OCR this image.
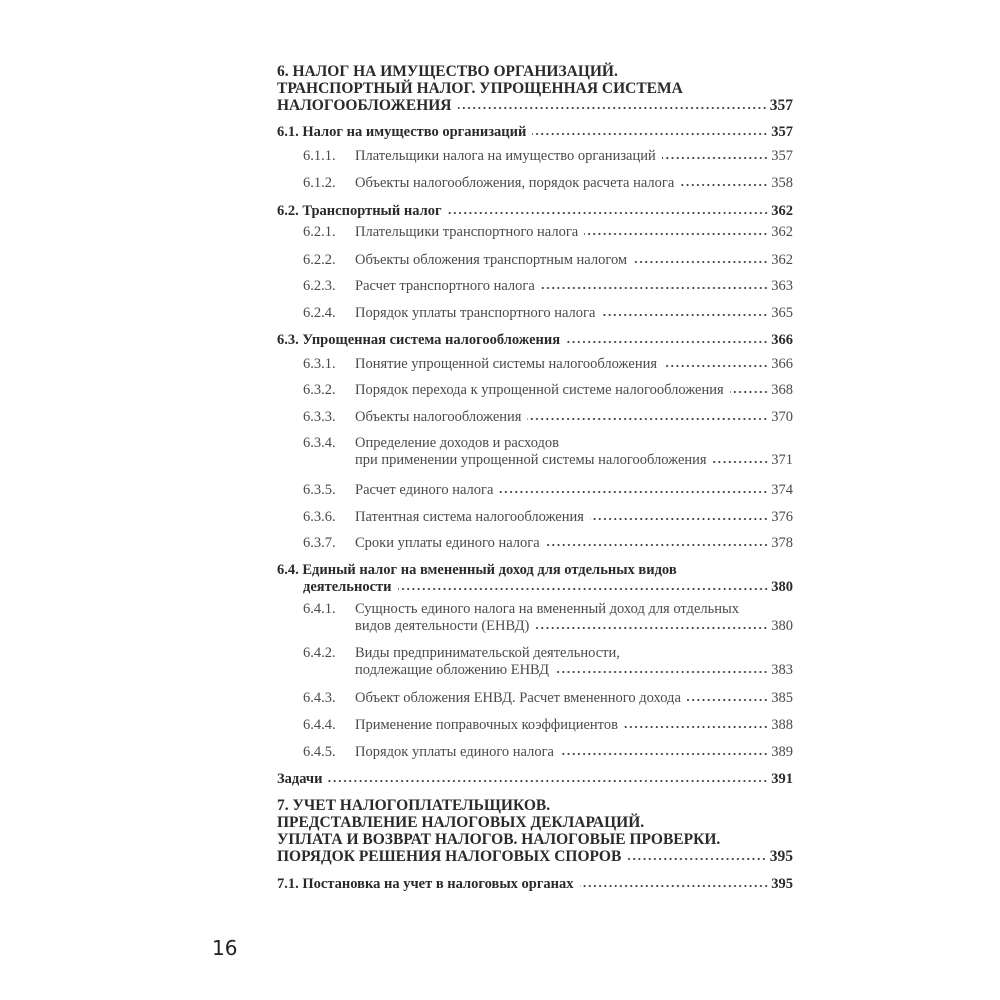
6. НАЛОГ НА ИМУЩЕСТВО ОРГАНИЗАЦИЙ.
ТРАНСПОРТНЫЙ НАЛОГ. УПРОЩЕННАЯ СИСТЕМА
НАЛОГООБЛОЖЕНИЯ	357
6.1. Налог на имущество организаций	357
6.1.1.	Плательщики налога на имущество организаций	357
6.1.2.	Объекты налогообложения, порядок расчета налога	358
6.2. Транспортный налог	362
6.2.1.	Плательщики транспортного налога	362
6.2.2.	Объекты обложения транспортным налогом	362
6.2.3.	Расчет транспортного налога	363
6.2.4.	Порядок уплаты транспортного налога	365
6.3. Упрощенная система налогообложения	366
6.3.1.	Понятие упрощенной системы налогообложения	366
6.3.2.	Порядок перехода к упрощенной системе налогообложения	368
6.3.3.	Объекты налогообложения	370
6.3.4.	Определение доходов и расходов
при применении упрощенной системы налогообложения	371
6.3.5.	Расчет единого налога	374
6.3.6.	Патентная система налогообложения	376
6.3.7.	Сроки уплаты единого налога	378
6.4. Единый налог на вмененный доход для отдельных видов
деятельности	380
6.4.1.	Сущность единого налога на вмененный доход для отдельных
видов деятельности (ЕНВД)	380
6.4.2.	Виды предпринимательской деятельности,
подлежащие обложению ЕНВД	383
6.4.3.	Объект обложения ЕНВД. Расчет вмененного дохода	385
6.4.4.	Применение поправочных коэффициентов	388
6.4.5.	Порядок уплаты единого налога	389
Задачи	391
7. УЧЕТ НАЛОГОПЛАТЕЛЬЩИКОВ.
ПРЕДСТАВЛЕНИЕ НАЛОГОВЫХ ДЕКЛАРАЦИЙ.
УПЛАТА И ВОЗВРАТ НАЛОГОВ. НАЛОГОВЫЕ ПРОВЕРКИ.
ПОРЯДОК РЕШЕНИЯ НАЛОГОВЫХ СПОРОВ	395
7.1. Постановка на учет в налоговых органах	395
16
